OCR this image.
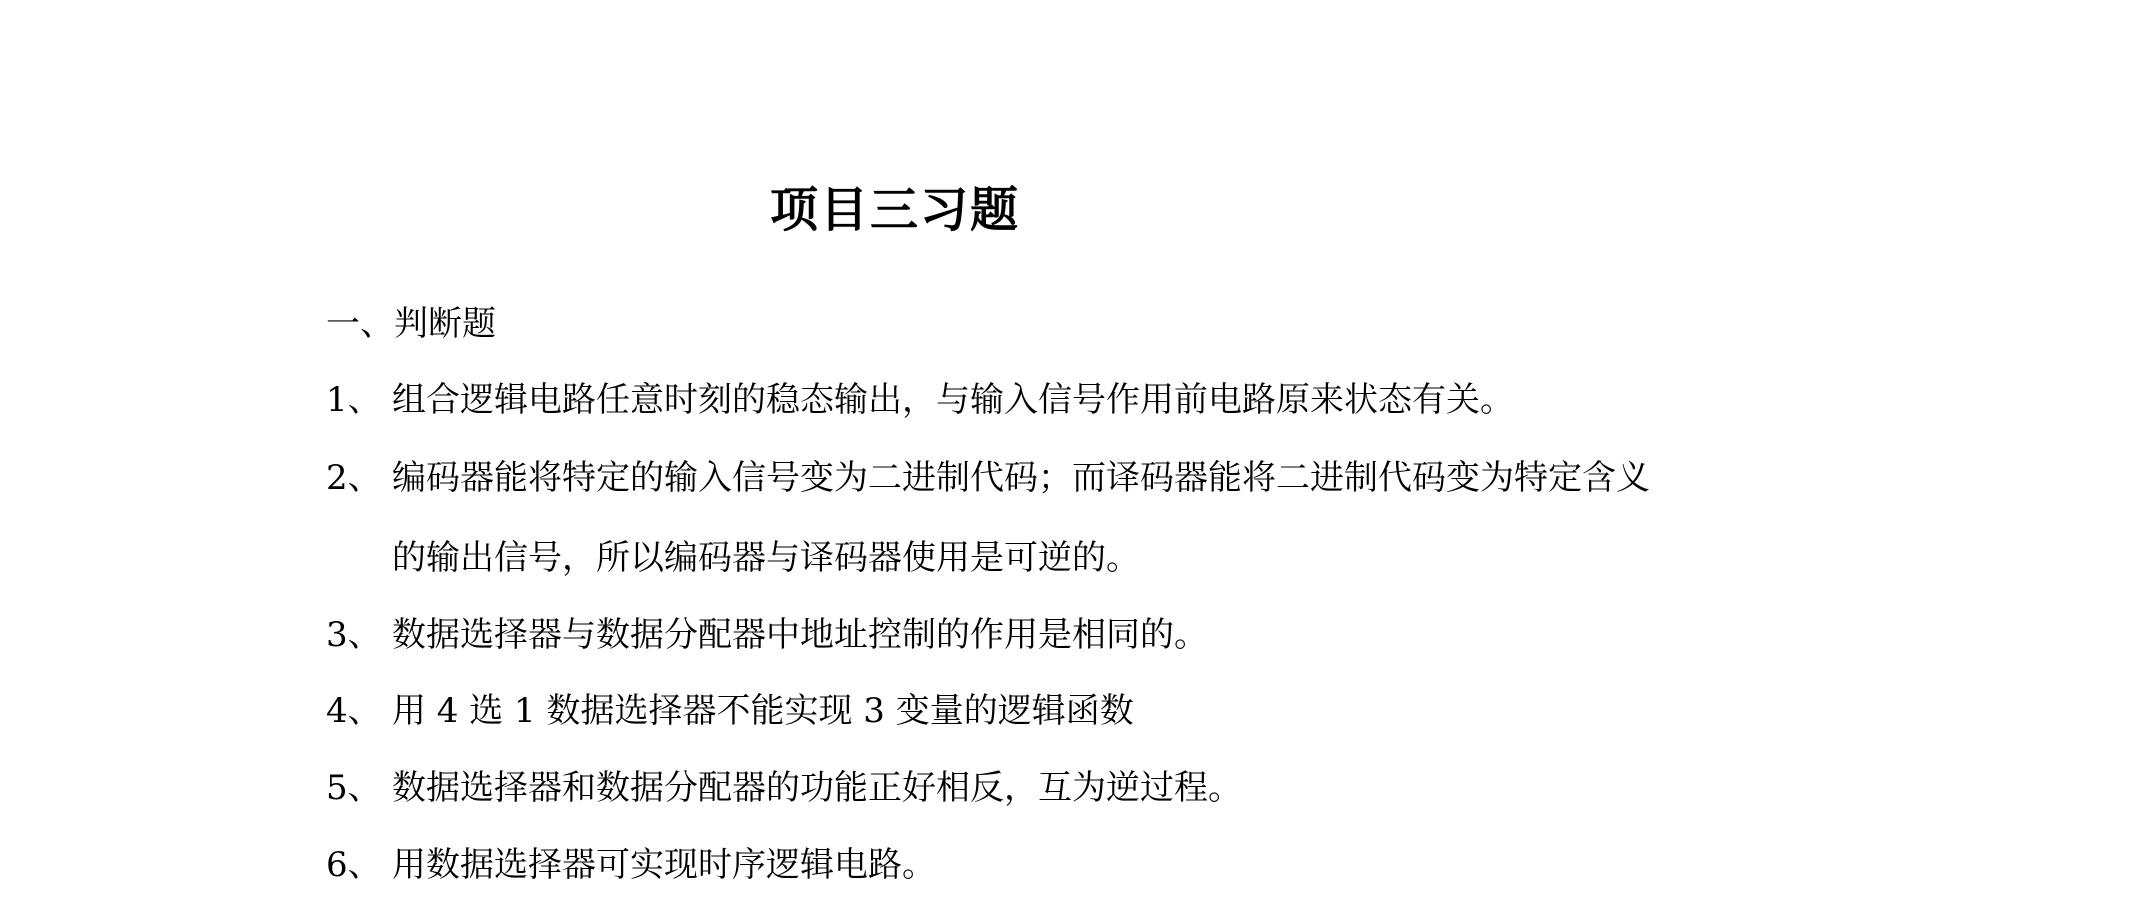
项目三习题
一、判断题
1、 组合逻辑电路任意时刻的稳态输出，与输入信号作用前电路原来状态有关。
2、 编码器能将特定的输入信号变为二进制代码；而译码器能将二进制代码变为特定含义
的输出信号，所以编码器与译码器使用是可逆的。
3、 数据选择器与数据分配器中地址控制的作用是相同的。
4、 用 4 选 1 数据选择器不能实现 3 变量的逻辑函数
5、 数据选择器和数据分配器的功能正好相反，互为逆过程。
6、 用数据选择器可实现时序逻辑电路。
